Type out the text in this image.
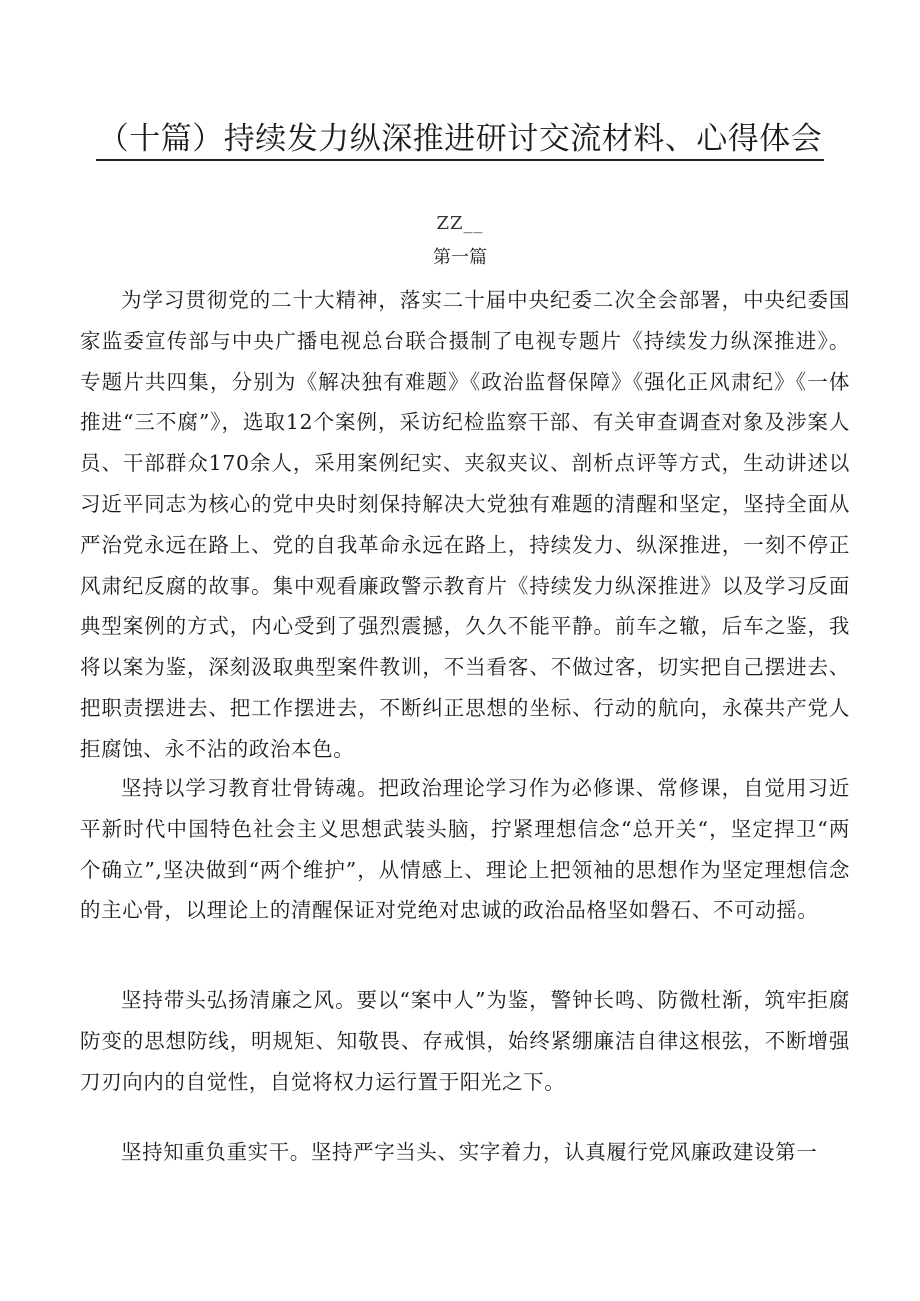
（十篇）持续发力纵深推进研讨交流材料、心得体会
ZZ__
第一篇

为学习贯彻党的二十大精神，落实二十届中央纪委二次全会部署，中央纪委国家监委宣传部与中央广播电视总台联合摄制了电视专题片《持续发力纵深推进》。专题片共四集，分别为《解决独有难题》《政治监督保障》《强化正风肃纪》《一体推进“三不腐”》，选取12个案例，采访纪检监察干部、有关审查调查对象及涉案人员、干部群众170余人，采用案例纪实、夹叙夹议、剖析点评等方式，生动讲述以习近平同志为核心的党中央时刻保持解决大党独有难题的清醒和坚定，坚持全面从严治党永远在路上、党的自我革命永远在路上，持续发力、纵深推进，一刻不停正风肃纪反腐的故事。集中观看廉政警示教育片《持续发力纵深推进》以及学习反面典型案例的方式，内心受到了强烈震撼，久久不能平静。前车之辙，后车之鉴，我将以案为鉴，深刻汲取典型案件教训，不当看客、不做过客，切实把自己摆进去、把职责摆进去、把工作摆进去，不断纠正思想的坐标、行动的航向，永葆共产党人拒腐蚀、永不沾的政治本色。

坚持以学习教育壮骨铸魂。把政治理论学习作为必修课、常修课，自觉用习近平新时代中国特色社会主义思想武装头脑，拧紧理想信念“总开关“，坚定捍卫“两个确立”,坚决做到“两个维护”，从情感上、理论上把领袖的思想作为坚定理想信念的主心骨，以理论上的清醒保证对党绝对忠诚的政治品格坚如磐石、不可动摇。

坚持带头弘扬清廉之风。要以“案中人”为鉴，警钟长鸣、防微杜渐，筑牢拒腐防变的思想防线，明规矩、知敬畏、存戒惧，始终紧绷廉洁自律这根弦，不断增强刀刃向内的自觉性，自觉将权力运行置于阳光之下。

坚持知重负重实干。坚持严字当头、实字着力，认真履行党风廉政建设第一
